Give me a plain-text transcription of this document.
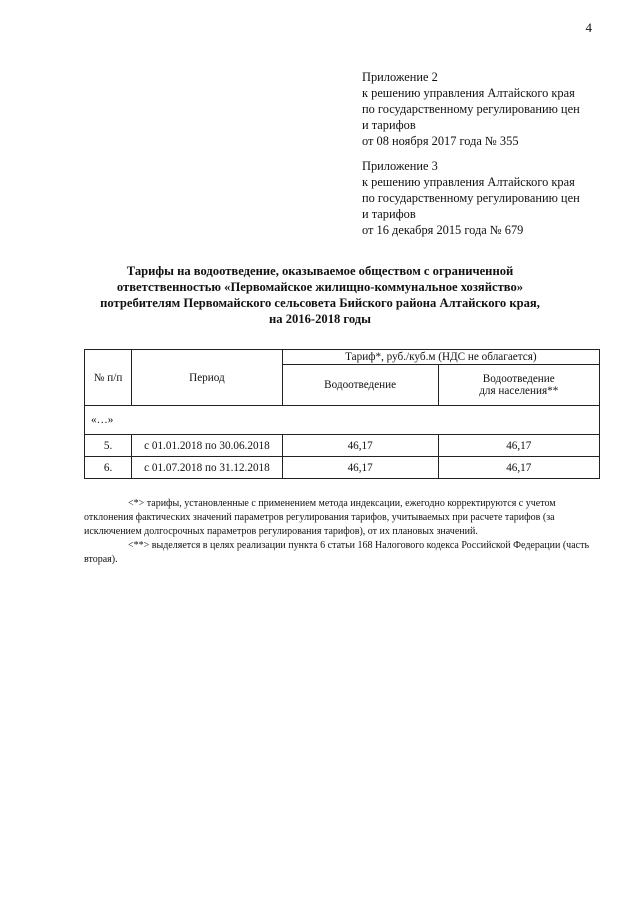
4
Приложение 2
к решению управления Алтайского края
по государственному регулированию цен
и тарифов
от 08 ноября 2017 года № 355
Приложение 3
к решению управления Алтайского края
по государственному регулированию цен
и тарифов
от 16 декабря 2015 года № 679
Тарифы на водоотведение, оказываемое обществом с ограниченной
ответственностью «Первомайское жилищно-коммунальное хозяйство»
потребителям Первомайского сельсовета Бийского района Алтайского края,
на 2016-2018 годы
№ п/п	Период	Тариф*, руб./куб.м (НДС не облагается)	
		Водоотведение	Водоотведение
для населения**

«…»			
5.	с 01.01.2018 по 30.06.2018	46,17	46,17
6.	с 01.07.2018 по 31.12.2018	46,17	46,17

<*> тарифы, установленные с применением метода индексации, ежегодно корректируются с учетом отклонения фактических значений параметров регулирования тарифов, учитываемых при расчете тарифов (за исключением долгосрочных параметров регулирования тарифов), от их плановых значений.

<**> выделяется в целях реализации пункта 6 статьи 168 Налогового кодекса Российской Федерации (часть вторая).
